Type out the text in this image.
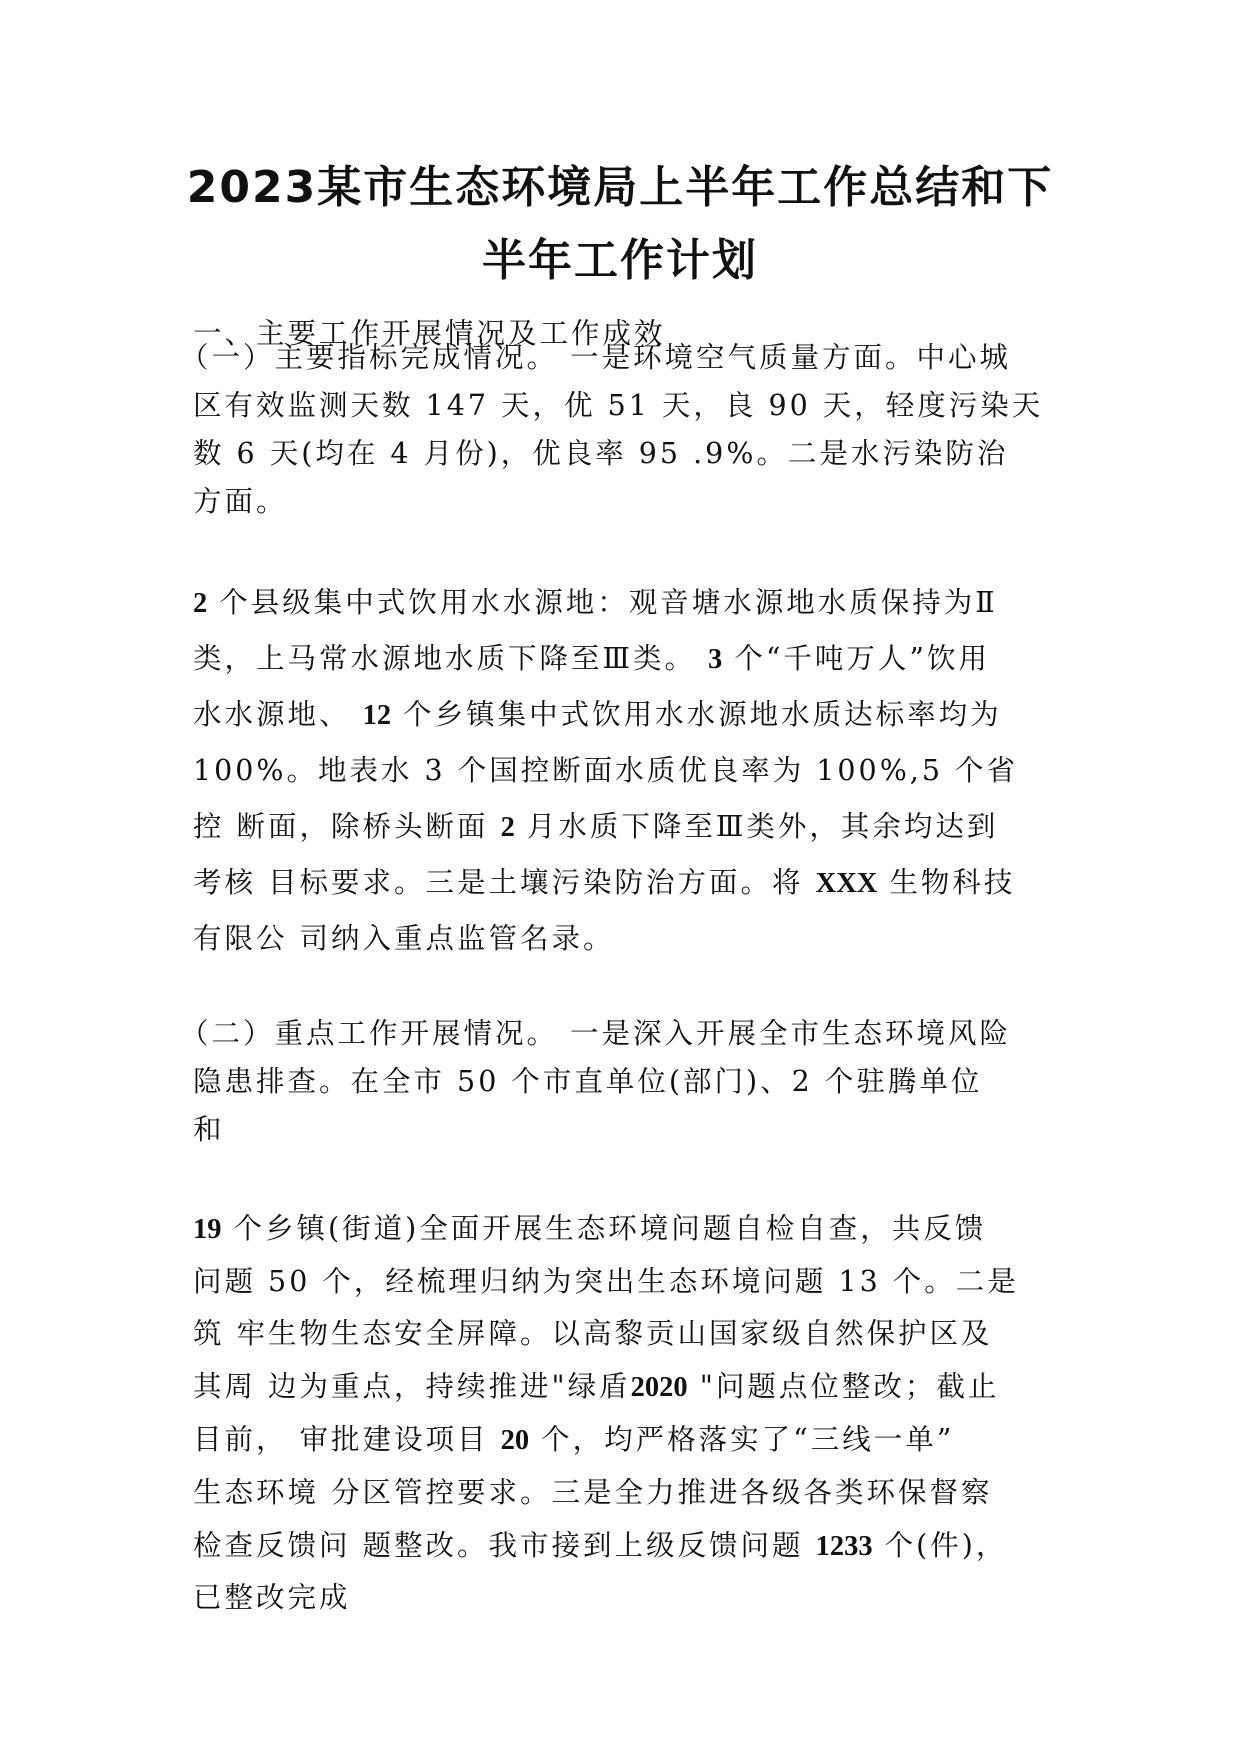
2023某市生态环境局上半年工作总结和下
半年工作计划

一、主要工作开展情况及工作成效

（一）主要指标完成情况。 一是环境空气质量方面。中心城

区有效监测天数 147 天，优 51 天，良 90 天，轻度污染天

数 6 天(均在 4 月份)，优良率 95 .9%。二是水污染防治

方面。

2 个县级集中式饮用水水源地：观音塘水源地水质保持为Ⅱ

类，上马常水源地水质下降至Ⅲ类。 3 个“千吨万人”饮用

水水源地、 12 个乡镇集中式饮用水水源地水质达标率均为

100%。地表水 3 个国控断面水质优良率为 100%,5 个省

控 断面，除桥头断面 2 月水质下降至Ⅲ类外，其余均达到

考核 目标要求。三是土壤污染防治方面。将 XXX 生物科技

有限公 司纳入重点监管名录。

（二）重点工作开展情况。 一是深入开展全市生态环境风险

隐患排查。在全市 50 个市直单位(部门)、2 个驻腾单位

和

19 个乡镇(街道)全面开展生态环境问题自检自查，共反馈

问题 50 个，经梳理归纳为突出生态环境问题 13 个。二是

筑 牢生物生态安全屏障。以高黎贡山国家级自然保护区及

其周 边为重点，持续推进"绿盾2020 "问题点位整改；截止

目前， 审批建设项目 20 个，均严格落实了“三线一单”

生态环境 分区管控要求。三是全力推进各级各类环保督察

检查反馈问 题整改。我市接到上级反馈问题 1233 个(件)，

已整改完成
